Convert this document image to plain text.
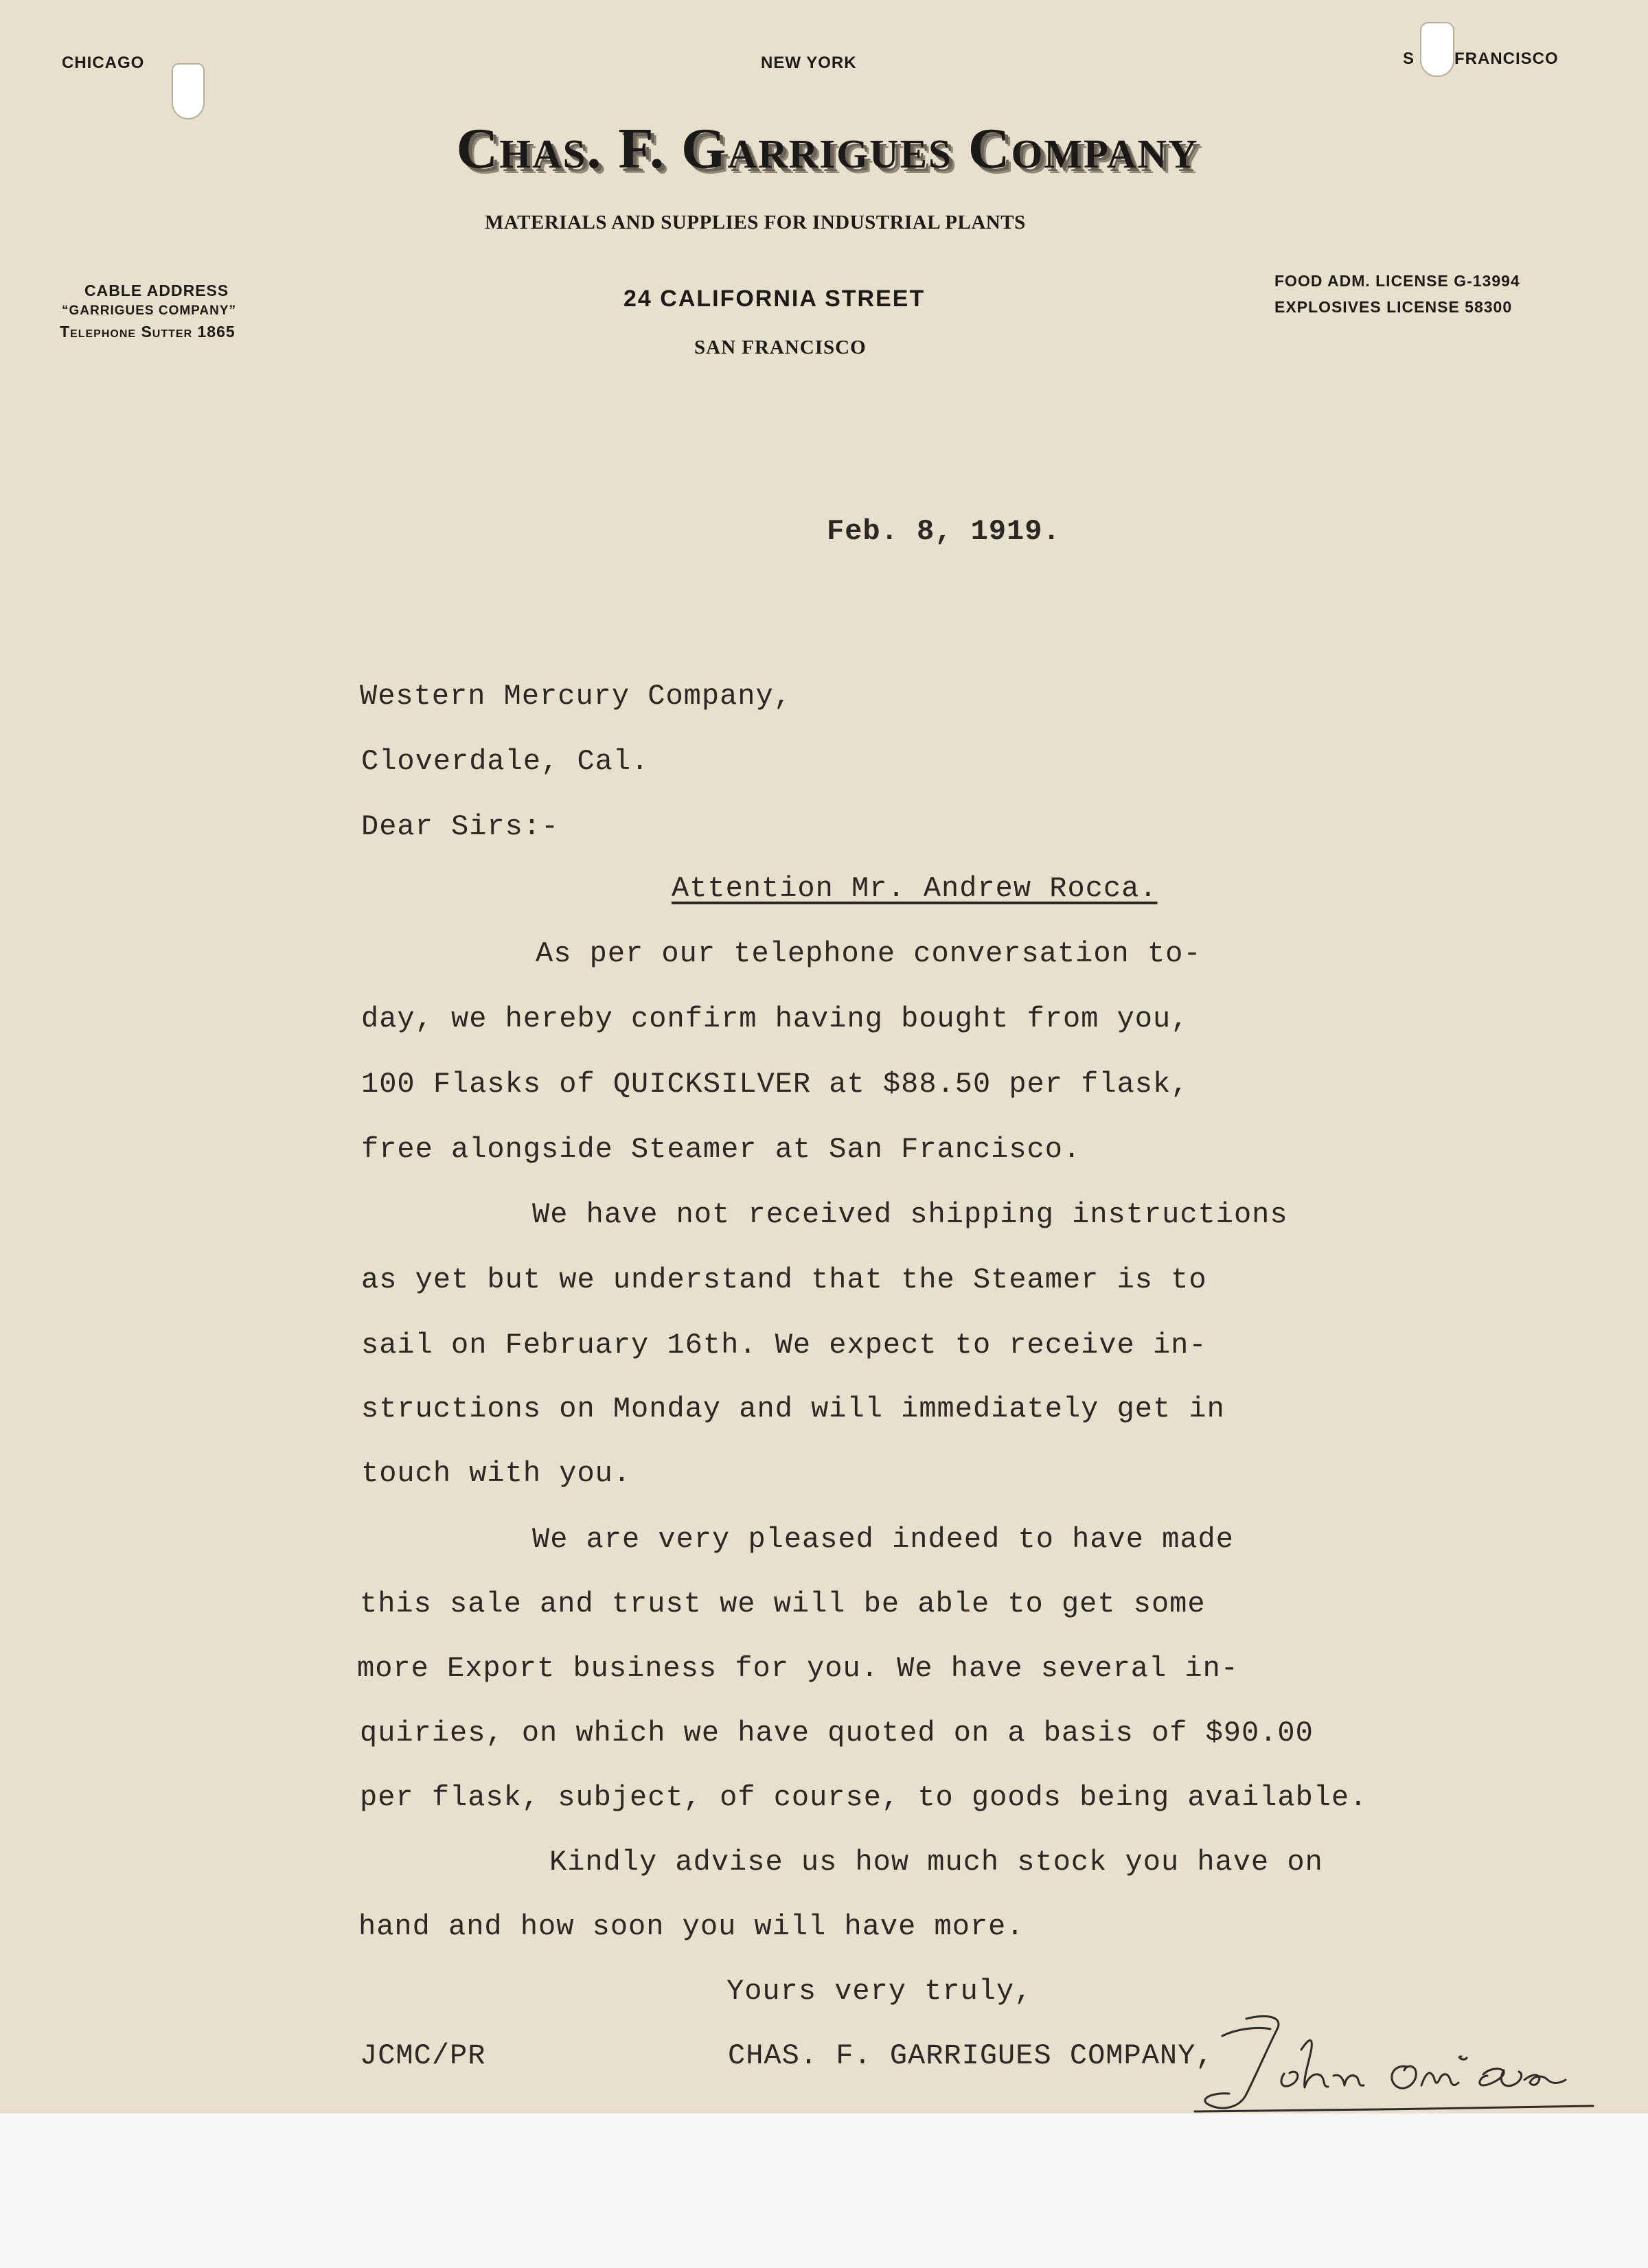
CHICAGO	NEW YORK	S FRANCISCO
Chas. F. Garrigues Company
MATERIALS AND SUPPLIES FOR INDUSTRIAL PLANTS
CABLE ADDRESS
“GARRIGUES COMPANY”
Telephone Sutter 1865
24 CALIFORNIA STREET
SAN FRANCISCO
FOOD ADM. LICENSE G-13994
EXPLOSIVES LICENSE 58300
Feb. 8, 1919.
Western Mercury Company,
Cloverdale, Cal.
Dear Sirs:-
Attention Mr. Andrew Rocca.
As per our telephone conversation to-
day, we hereby confirm having bought from you,
100 Flasks of QUICKSILVER at $88.50 per flask,
free alongside Steamer at San Francisco.
We have not received shipping instructions
as yet but we understand that the Steamer is to
sail on February 16th. We expect to receive in-
structions on Monday and will immediately get in
touch with you.
We are very pleased indeed to have made
this sale and trust we will be able to get some
more Export business for you. We have several in-
quiries, on which we have quoted on a basis of $90.00
per flask, subject, of course, to goods being available.
Kindly advise us how much stock you have on
hand and how soon you will have more.
Yours very truly,
JCMC/PR	CHAS. F. GARRIGUES COMPANY,
